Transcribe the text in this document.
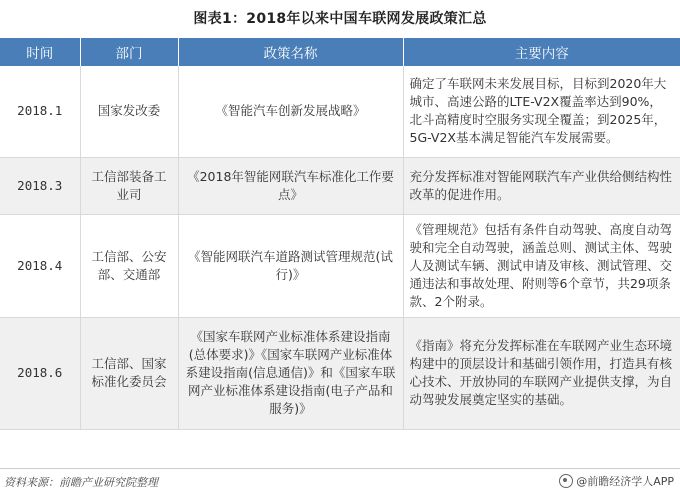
图表1：2018年以来中国车联网发展政策汇总
时间	部门	政策名称	主要内容
2018.1	国家发改委	《智能汽车创新发展战略》	确定了车联网未来发展目标，目标到2020年大城市、高速公路的LTE-V2X覆盖率达到90%，北斗高精度时空服务实现全覆盖；到2025年，5G-V2X基本满足智能汽车发展需要。
2018.3	工信部装备工业司	《2018年智能网联汽车标准化工作要点》	充分发挥标准对智能网联汽车产业供给侧结构性改革的促进作用。
2018.4	工信部、公安部、交通部	《智能网联汽车道路测试管理规范(试行)》	《管理规范》包括有条件自动驾驶、高度自动驾驶和完全自动驾驶，涵盖总则、测试主体、驾驶人及测试车辆、测试申请及审核、测试管理、交通违法和事故处理、附则等6个章节，共29项条款、2个附录。
2018.6	工信部、国家标准化委员会	《国家车联网产业标准体系建设指南(总体要求)》《国家车联网产业标准体系建设指南(信息通信)》和《国家车联网产业标准体系建设指南(电子产品和服务)》	《指南》将充分发挥标准在车联网产业生态环境构建中的顶层设计和基础引领作用，打造具有核心技术、开放协同的车联网产业提供支撑，为自动驾驶发展奠定坚实的基础。
资料来源：前瞻产业研究院整理	@前瞻经济学人APP
